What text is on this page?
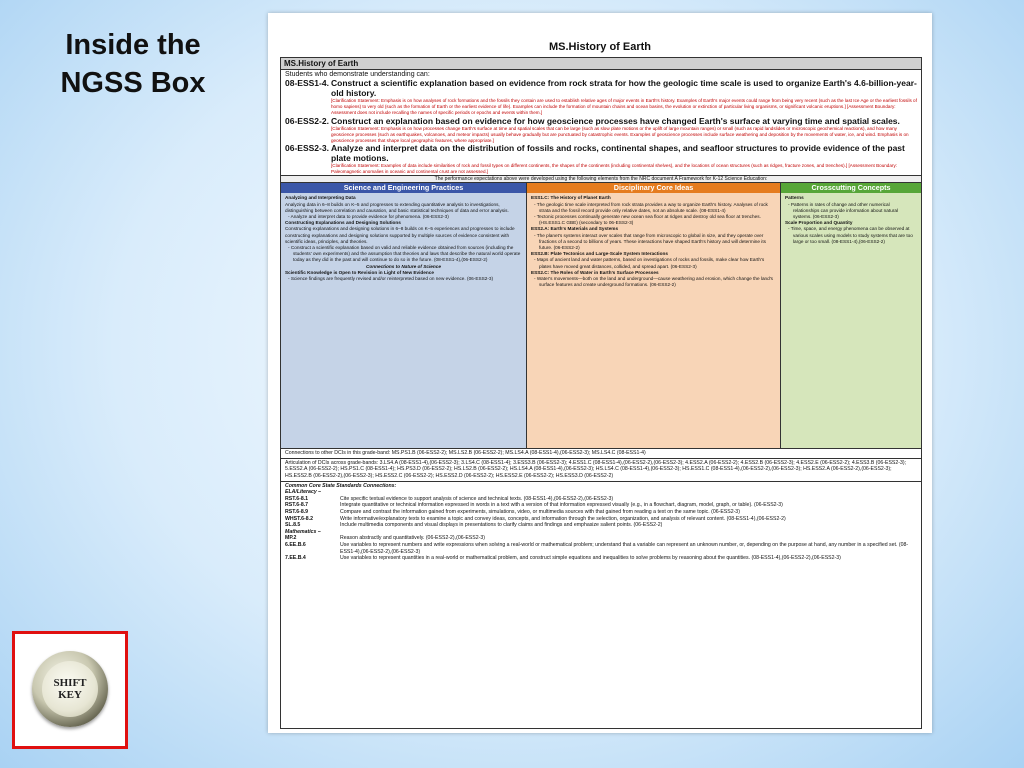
Inside the
NGSS Box
SHIFT
KEY
MS.History of Earth
MS.History of Earth
Students who demonstrate understanding can:
08-ESS1-4. Construct a scientific explanation based on evidence from rock strata for how the geologic time scale is used to organize Earth's 4.6-billion-year-old history.
[Clarification Statement: Emphasis is on how analyses of rock formations and the fossils they contain are used to establish relative ages of major events in Earth's history. Examples of Earth's major events could range from being very recent (such as the last Ice Age or the earliest fossils of homo sapiens) to very old (such as the formation of Earth or the earliest evidence of life). Examples can include the formation of mountain chains and ocean basins, the evolution or extinction of particular living organisms, or significant volcanic eruptions.] [Assessment Boundary: Assessment does not include recalling the names of specific periods or epochs and events within them.]
06-ESS2-2. Construct an explanation based on evidence for how geoscience processes have changed Earth's surface at varying time and spatial scales.
[Clarification Statement: Emphasis is on how processes change Earth's surface at time and spatial scales that can be large (such as slow plate motions or the uplift of large mountain ranges) or small (such as rapid landslides or microscopic geochemical reactions), and how many geoscience processes (such as earthquakes, volcanoes, and meteor impacts) usually behave gradually but are punctuated by catastrophic events. Examples of geoscience processes include surface weathering and deposition by the movements of water, ice, and wind. Emphasis is on geoscience processes that shape local geographic features, where appropriate.]
06-ESS2-3. Analyze and interpret data on the distribution of fossils and rocks, continental shapes, and seafloor structures to provide evidence of the past plate motions.
[Clarification Statement: Examples of data include similarities of rock and fossil types on different continents, the shapes of the continents (including continental shelves), and the locations of ocean structures (such as ridges, fracture zones, and trenches).] [Assessment Boundary: Paleomagnetic anomalies in oceanic and continental crust are not assessed.]
The performance expectations above were developed using the following elements from the NRC document A Framework for K-12 Science Education:
Science and Engineering Practices
Analyzing and Interpreting Data
Analyzing data in 6–8 builds on K–5 and progresses to extending quantitative analysis to investigations, distinguishing between correlation and causation, and basic statistical techniques of data and error analysis.
- Analyze and interpret data to provide evidence for phenomena. (06-ESS2-3)
Constructing Explanations and Designing Solutions
Constructing explanations and designing solutions in 6–8 builds on K–5 experiences and progresses to include constructing explanations and designing solutions supported by multiple sources of evidence consistent with scientific ideas, principles, and theories.
- Construct a scientific explanation based on valid and reliable evidence obtained from sources (including the students' own experiments) and the assumption that theories and laws that describe the natural world operate today as they did in the past and will continue to do so in the future. (08-ESS1-4),(06-ESS2-2)
Connections to Nature of Science
Scientific Knowledge is Open to Revision in Light of New Evidence
- Science findings are frequently revised and/or reinterpreted based on new evidence. (06-ESS2-3)
Disciplinary Core Ideas
ESS1.C: The History of Planet Earth
- The geologic time scale interpreted from rock strata provides a way to organize Earth's history. Analyses of rock strata and the fossil record provide only relative dates, not an absolute scale. (08-ESS1-4)
- Tectonic processes continually generate new ocean sea floor at ridges and destroy old sea floor at trenches. (HS.ESS1.C GBE) (secondary to 06-ESS2-3)
ESS2.A: Earth's Materials and Systems
- The planet's systems interact over scales that range from microscopic to global in size, and they operate over fractions of a second to billions of years. These interactions have shaped Earth's history and will determine its future. (06-ESS2-2)
ESS2.B: Plate Tectonics and Large-Scale System Interactions
- Maps of ancient land and water patterns, based on investigations of rocks and fossils, make clear how Earth's plates have moved great distances, collided, and spread apart. (06-ESS2-3)
ESS2.C: The Roles of Water in Earth's Surface Processes
- Water's movements—both on the land and underground—cause weathering and erosion, which change the land's surface features and create underground formations. (06-ESS2-2)
Crosscutting Concepts
Patterns
- Patterns in rates of change and other numerical relationships can provide information about natural systems. (06-ESS2-3)
Scale Proportion and Quantity
- Time, space, and energy phenomena can be observed at various scales using models to study systems that are too large or too small. (08-ESS1-4),(06-ESS2-2)
Connections to other DCIs in this grade-band: MS.PS1.B (06-ESS2-2); MS.LS2.B (06-ESS2-2); MS.LS4.A (08-ESS1-4),(06-ESS2-3); MS.LS4.C (08-ESS1-4)
Articulation of DCIs across grade-bands: 3.LS4.A (08-ESS1-4),(06-ESS2-3); 3.LS4.C (08-ESS1-4); 3.ESS3.B (06-ESS2-3); 4.ESS1.C (08-ESS1-4),(06-ESS2-2),(06-ESS2-3); 4.ESS2.A (06-ESS2-2); 4.ESS2.B (06-ESS2-3); 4.ESS2.E (06-ESS2-2); 4.ESS3.B (06-ESS2-3); 5.ESS2.A (06-ESS2-2); HS.PS1.C (08-ESS1-4); HS.PS3.D (06-ESS2-2); HS.LS2.B (06-ESS2-2); HS.LS4.A (08-ESS1-4),(06-ESS2-3); HS.LS4.C (08-ESS1-4),(06-ESS2-3); HS.ESS1.C (08-ESS1-4),(06-ESS2-2),(06-ESS2-3); HS.ESS2.A (06-ESS2-2),(06-ESS2-3); HS.ESS2.B (06-ESS2-2),(06-ESS2-3); HS.ESS2.C (06-ESS2-2); HS.ESS2.D (06-ESS2-2); HS.ESS2.E (06-ESS2-2); HS.ESS3.D (06-ESS2-2)
Common Core State Standards Connections:
ELA/Literacy –
RST.6-8.1	Cite specific textual evidence to support analysis of science and technical texts. (08-ESS1-4),(06-ESS2-2),(06-ESS2-3)
RST.6-8.7	Integrate quantitative or technical information expressed in words in a text with a version of that information expressed visually (e.g., in a flowchart, diagram, model, graph, or table). (06-ESS2-3)
RST.6-8.9	Compare and contrast the information gained from experiments, simulations, video, or multimedia sources with that gained from reading a text on the same topic. (06-ESS2-3)
WHST.6-8.2	Write informative/explanatory texts to examine a topic and convey ideas, concepts, and information through the selection, organization, and analysis of relevant content. (08-ESS1-4),(06-ESS2-2)
SL.8.5	Include multimedia components and visual displays in presentations to clarify claims and findings and emphasize salient points. (06-ESS2-2)
Mathematics –
MP.2	Reason abstractly and quantitatively. (06-ESS2-2),(06-ESS2-3)
6.EE.B.6	Use variables to represent numbers and write expressions when solving a real-world or mathematical problem; understand that a variable can represent an unknown number, or, depending on the purpose at hand, any number in a specified set. (08-ESS1-4),(06-ESS2-2),(06-ESS2-3)
7.EE.B.4	Use variables to represent quantities in a real-world or mathematical problem, and construct simple equations and inequalities to solve problems by reasoning about the quantities. (08-ESS1-4),(06-ESS2-2),(06-ESS2-3)
